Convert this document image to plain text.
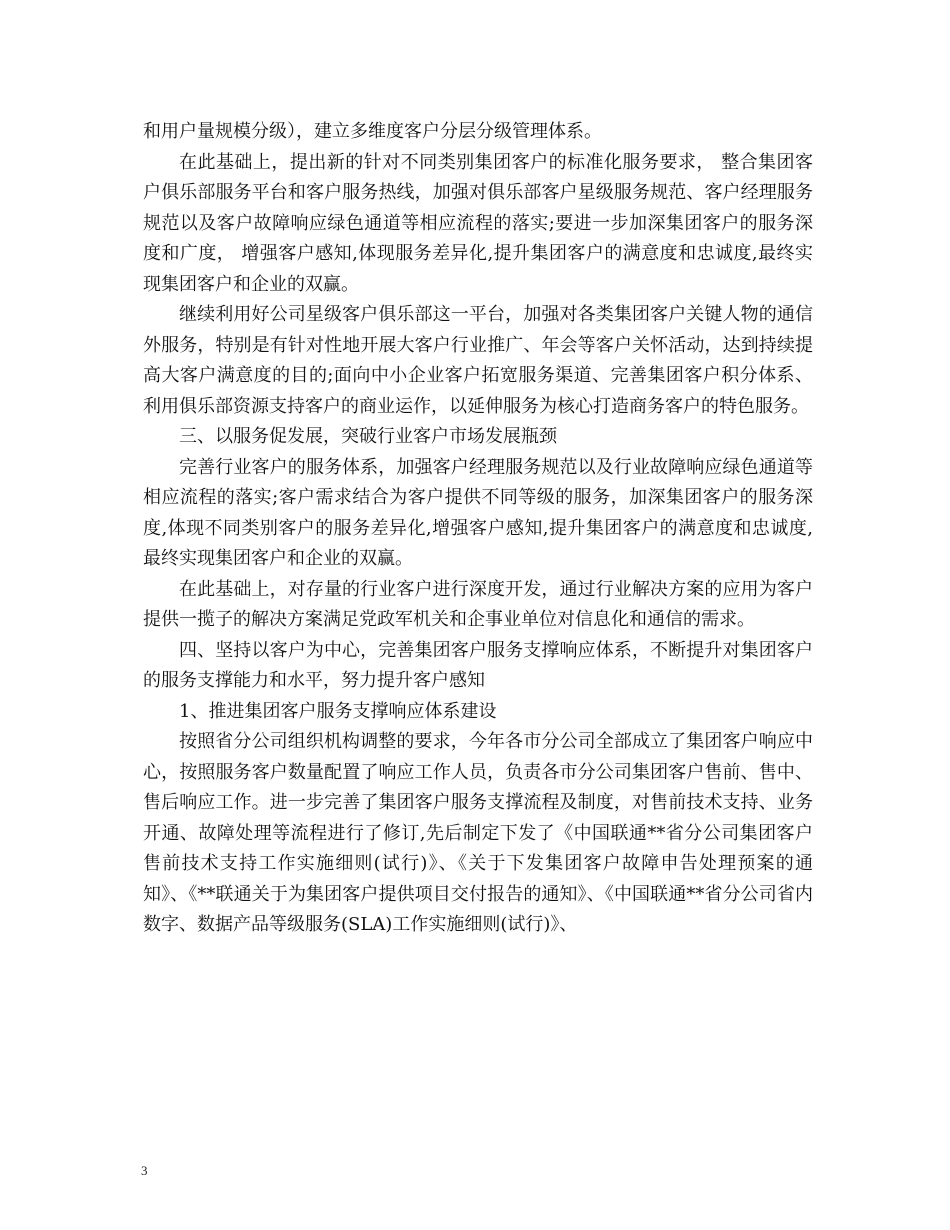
和用户量规模分级），建立多维度客户分层分级管理体系。

在此基础上，提出新的针对不同类别集团客户的标准化服务要求， 整合集团客户俱乐部服务平台和客户服务热线，加强对俱乐部客户星级服务规范、客户经理服务规范以及客户故障响应绿色通道等相应流程的落实;要进一步加深集团客户的服务深度和广度， 增强客户感知,体现服务差异化,提升集团客户的满意度和忠诚度,最终实现集团客户和企业的双赢。

继续利用好公司星级客户俱乐部这一平台，加强对各类集团客户关键人物的通信外服务，特别是有针对性地开展大客户行业推广、年会等客户关怀活动，达到持续提高大客户满意度的目的;面向中小企业客户拓宽服务渠道、完善集团客户积分体系、利用俱乐部资源支持客户的商业运作，以延伸服务为核心打造商务客户的特色服务。

三、以服务促发展，突破行业客户市场发展瓶颈

完善行业客户的服务体系，加强客户经理服务规范以及行业故障响应绿色通道等相应流程的落实;客户需求结合为客户提供不同等级的服务，加深集团客户的服务深度,体现不同类别客户的服务差异化,增强客户感知,提升集团客户的满意度和忠诚度,最终实现集团客户和企业的双赢。

在此基础上，对存量的行业客户进行深度开发，通过行业解决方案的应用为客户提供一揽子的解决方案满足党政军机关和企事业单位对信息化和通信的需求。

四、坚持以客户为中心，完善集团客户服务支撑响应体系，不断提升对集团客户的服务支撑能力和水平，努力提升客户感知

1、推进集团客户服务支撑响应体系建设

按照省分公司组织机构调整的要求，今年各市分公司全部成立了集团客户响应中心，按照服务客户数量配置了响应工作人员，负责各市分公司集团客户售前、售中、售后响应工作。进一步完善了集团客户服务支撑流程及制度，对售前技术支持、业务开通、故障处理等流程进行了修订,先后制定下发了《中国联通**省分公司集团客户售前技术支持工作实施细则(试行)》、《关于下发集团客户故障申告处理预案的通知》、《**联通关于为集团客户提供项目交付报告的通知》、《中国联通**省分公司省内数字、数据产品等级服务(SLA)工作实施细则(试行)》、

3
